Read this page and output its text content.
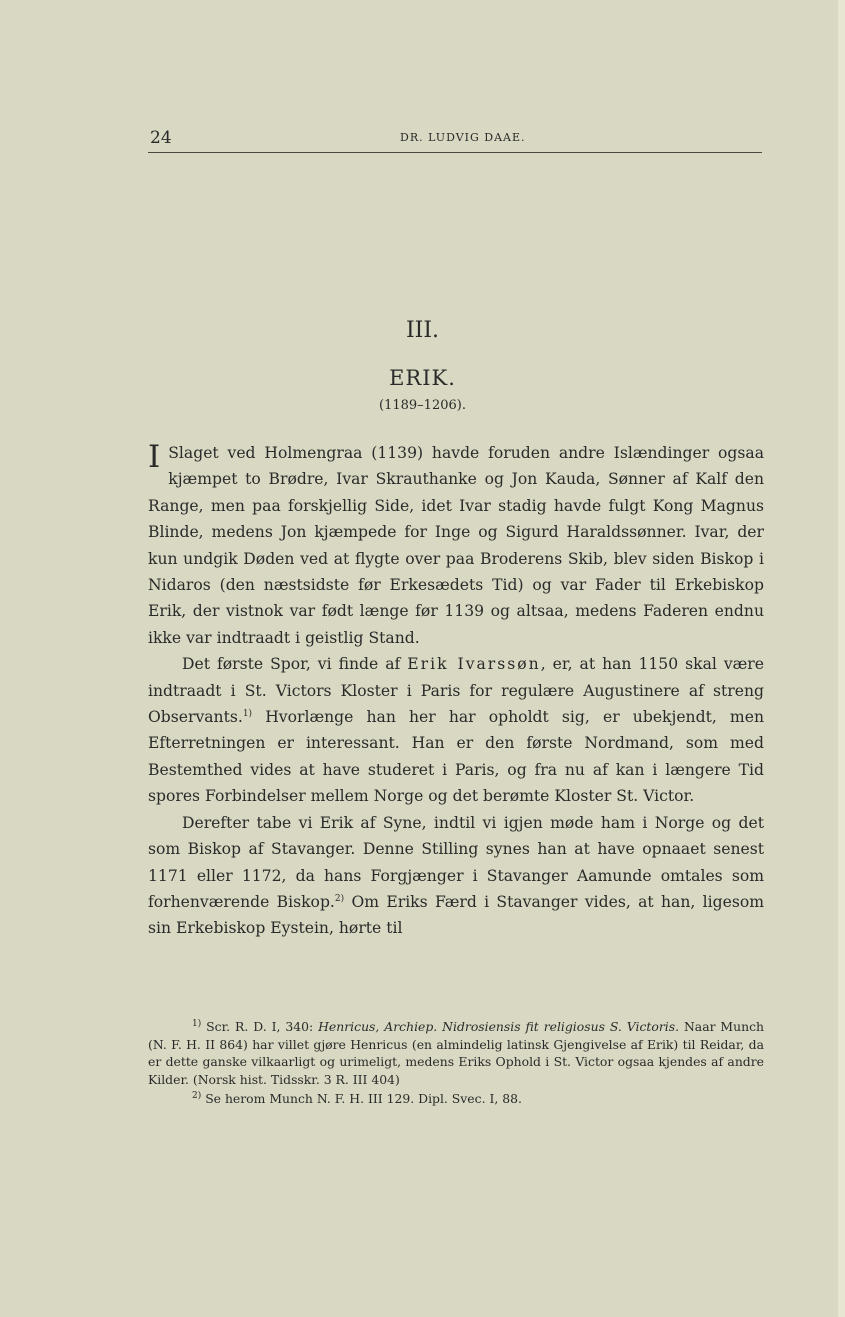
24	DR. LUDVIG DAAE.
III.
ERIK.
(1189–1206).

I Slaget ved Holmengraa (1139) havde foruden andre Islændinger ogsaa kjæmpet to Brødre, Ivar Skrauthanke og Jon Kauda, Sønner af Kalf den Range, men paa forskjellig Side, idet Ivar stadig havde fulgt Kong Magnus Blinde, medens Jon kjæmpede for Inge og Sigurd Haraldssønner. Ivar, der kun undgik Døden ved at flygte over paa Broderens Skib, blev siden Biskop i Nidaros (den næstsidste før Erkesædets Tid) og var Fader til Erkebiskop Erik, der vistnok var født længe før 1139 og altsaa, medens Faderen endnu ikke var indtraadt i geistlig Stand.

Det første Spor, vi finde af Erik Ivarssøn, er, at han 1150 skal være indtraadt i St. Victors Kloster i Paris for regulære Augustinere af streng Observants.$^{1)}$ Hvorlænge han her har opholdt sig, er ubekjendt, men Efterretningen er interessant. Han er den første Nordmand, som med Bestemthed vides at have studeret i Paris, og fra nu af kan i længere Tid spores Forbindelser mellem Norge og det berømte Kloster St. Victor.

Derefter tabe vi Erik af Syne, indtil vi igjen møde ham i Norge og det som Biskop af Stavanger. Denne Stilling synes han at have opnaaet senest 1171 eller 1172, da hans Forgjænger i Stavanger Aamunde omtales som forhenværende Biskop.$^{2)}$ Om Eriks Færd i Stavanger vides, at han, ligesom sin Erkebiskop Eystein, hørte til

$^{1)}$ Scr. R. D. I, 340: Henricus, Archiep. Nidrosiensis fit religiosus S. Victoris. Naar Munch (N. F. H. II 864) har villet gjøre Henricus (en almindelig latinsk Gjengivelse af Erik) til Reidar, da er dette ganske vilkaarligt og urimeligt, medens Eriks Ophold i St. Victor ogsaa kjendes af andre Kilder. (Norsk hist. Tidsskr. 3 R. III 404)

$^{2)}$ Se herom Munch N. F. H. III 129. Dipl. Svec. I, 88.
